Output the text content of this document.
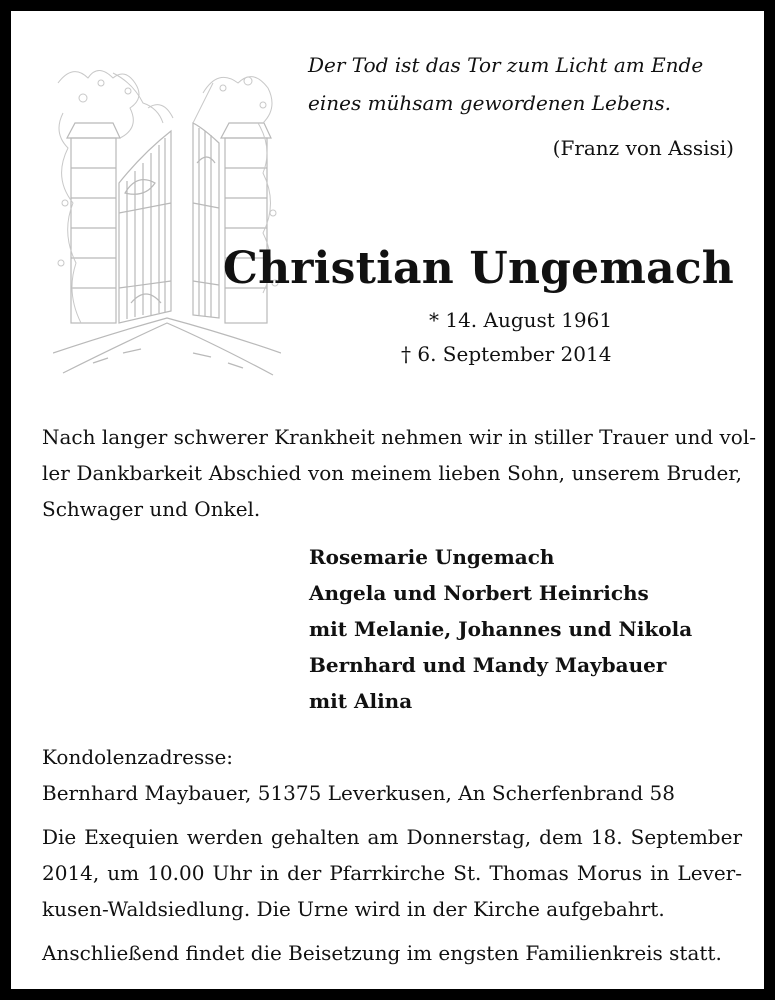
Der Tod ist das Tor zum Licht am Ende
eines mühsam gewordenen Lebens.
(Franz von Assisi)
Christian Ungemach
* 14. August 1961
† 6. September 2014
Nach langer schwerer Krankheit nehmen wir in stiller Trauer und vol-
ler Dankbarkeit Abschied von meinem lieben Sohn, unserem Bruder,
Schwager und Onkel.
Rosemarie Ungemach
Angela und Norbert Heinrichs
mit Melanie, Johannes und Nikola
Bernhard und Mandy Maybauer
mit Alina
Kondolenzadresse:
Bernhard Maybauer, 51375 Leverkusen, An Scherfenbrand 58
Die Exequien werden gehalten am Donnerstag, dem 18. September
2014, um 10.00 Uhr in der Pfarrkirche St. Thomas Morus in Lever-
kusen-Waldsiedlung. Die Urne wird in der Kirche aufgebahrt.
Anschließend findet die Beisetzung im engsten Familienkreis statt.
